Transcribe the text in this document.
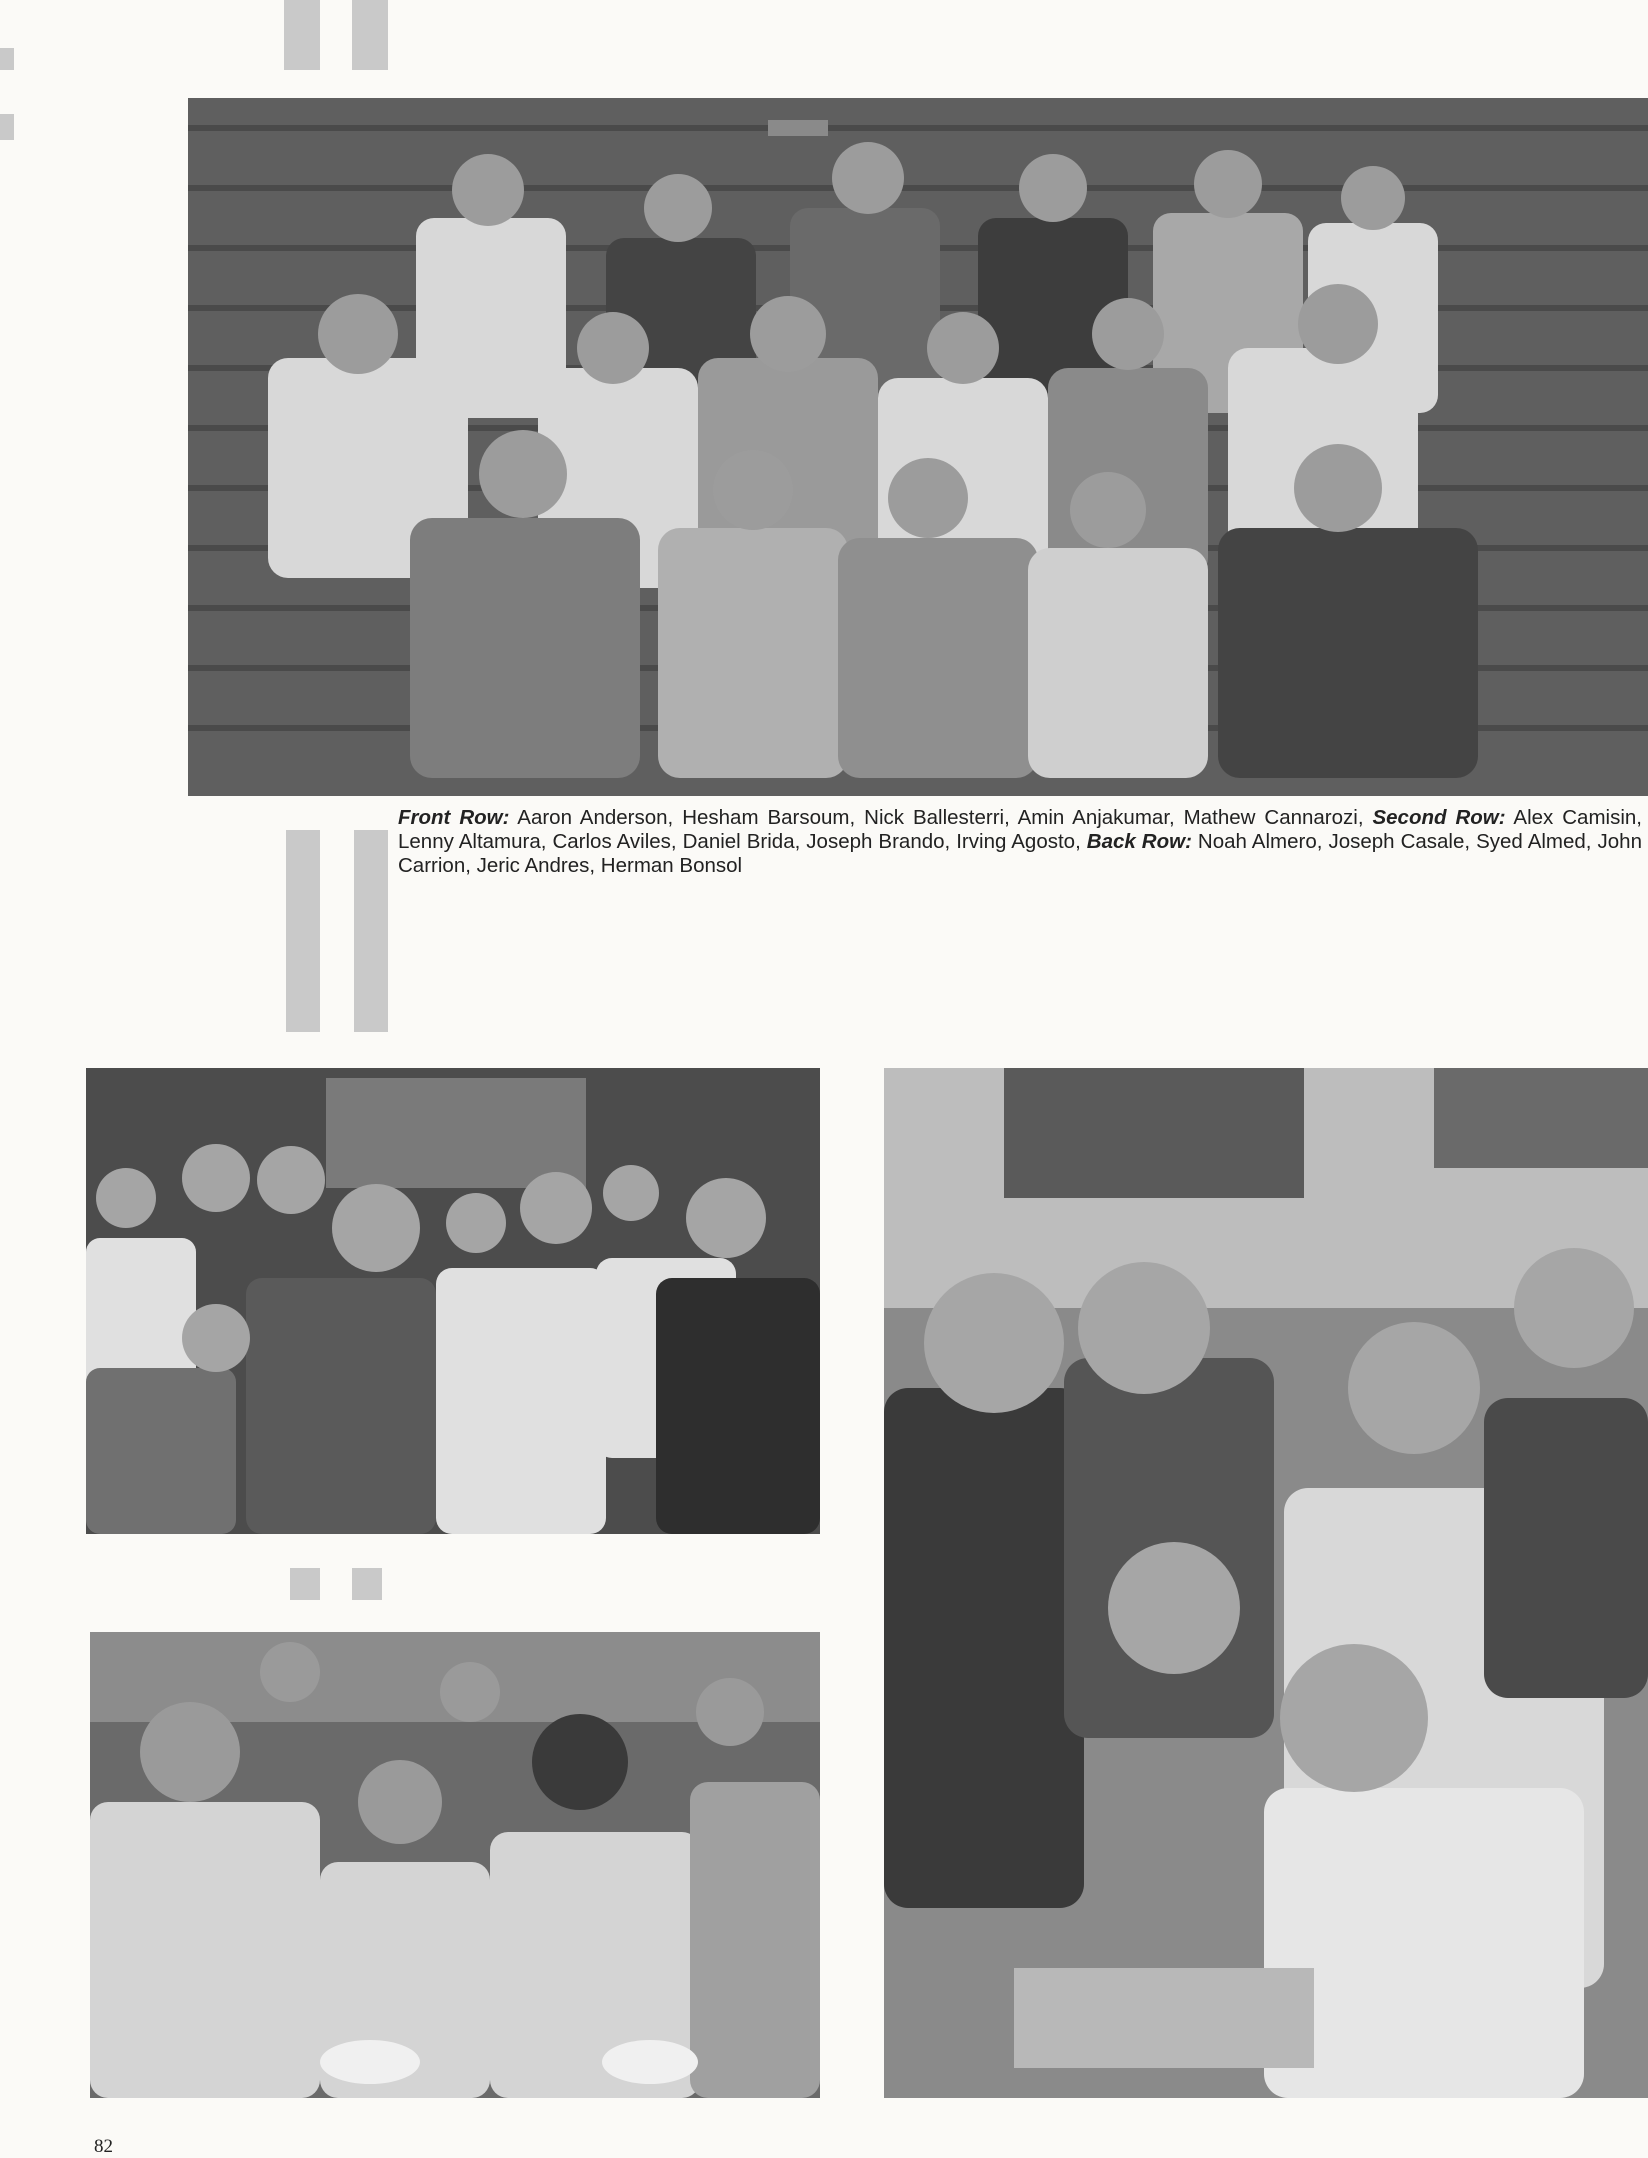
Front Row: Aaron Anderson, Hesham Barsoum, Nick Ballesterri, Amin Anjakumar, Mathew Cannarozi, Second Row: Alex Camisin, Lenny Altamura, Carlos Aviles, Daniel Brida, Joseph Brando, Irving Agosto, Back Row: Noah Almero, Joseph Casale, Syed Almed, John Carrion, Jeric Andres, Herman Bonsol
82
